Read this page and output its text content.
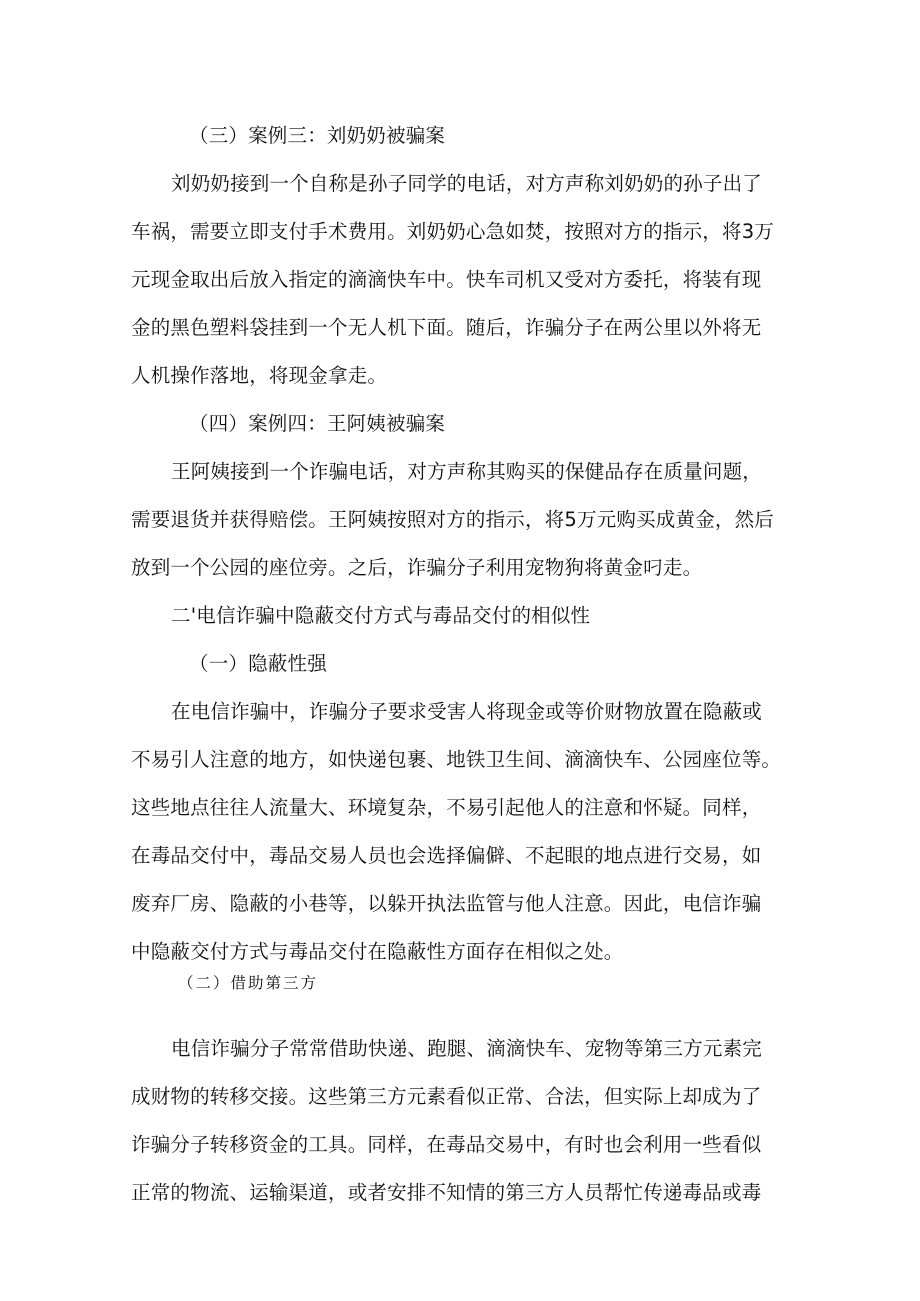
（三）案例三：刘奶奶被骗案
刘奶奶接到一个自称是孙子同学的电话，对方声称刘奶奶的孙子出了
车祸，需要立即支付手术费用。刘奶奶心急如焚，按照对方的指示，将3万
元现金取出后放入指定的滴滴快车中。快车司机又受对方委托，将装有现
金的黑色塑料袋挂到一个无人机下面。随后，诈骗分子在两公里以外将无
人机操作落地，将现金拿走。
（四）案例四：王阿姨被骗案
王阿姨接到一个诈骗电话，对方声称其购买的保健品存在质量问题，
需要退货并获得赔偿。王阿姨按照对方的指示，将5万元购买成黄金，然后
放到一个公园的座位旁。之后，诈骗分子利用宠物狗将黄金叼走。
二'电信诈骗中隐蔽交付方式与毒品交付的相似性
（一）隐蔽性强
在电信诈骗中，诈骗分子要求受害人将现金或等价财物放置在隐蔽或
不易引人注意的地方，如快递包裹、地铁卫生间、滴滴快车、公园座位等。
这些地点往往人流量大、环境复杂，不易引起他人的注意和怀疑。同样，
在毒品交付中，毒品交易人员也会选择偏僻、不起眼的地点进行交易，如
废弃厂房、隐蔽的小巷等，以躲开执法监管与他人注意。因此，电信诈骗
中隐蔽交付方式与毒品交付在隐蔽性方面存在相似之处。
（二）借助第三方
电信诈骗分子常常借助快递、跑腿、滴滴快车、宠物等第三方元素完
成财物的转移交接。这些第三方元素看似正常、合法，但实际上却成为了
诈骗分子转移资金的工具。同样，在毒品交易中，有时也会利用一些看似
正常的物流、运输渠道，或者安排不知情的第三方人员帮忙传递毒品或毒
